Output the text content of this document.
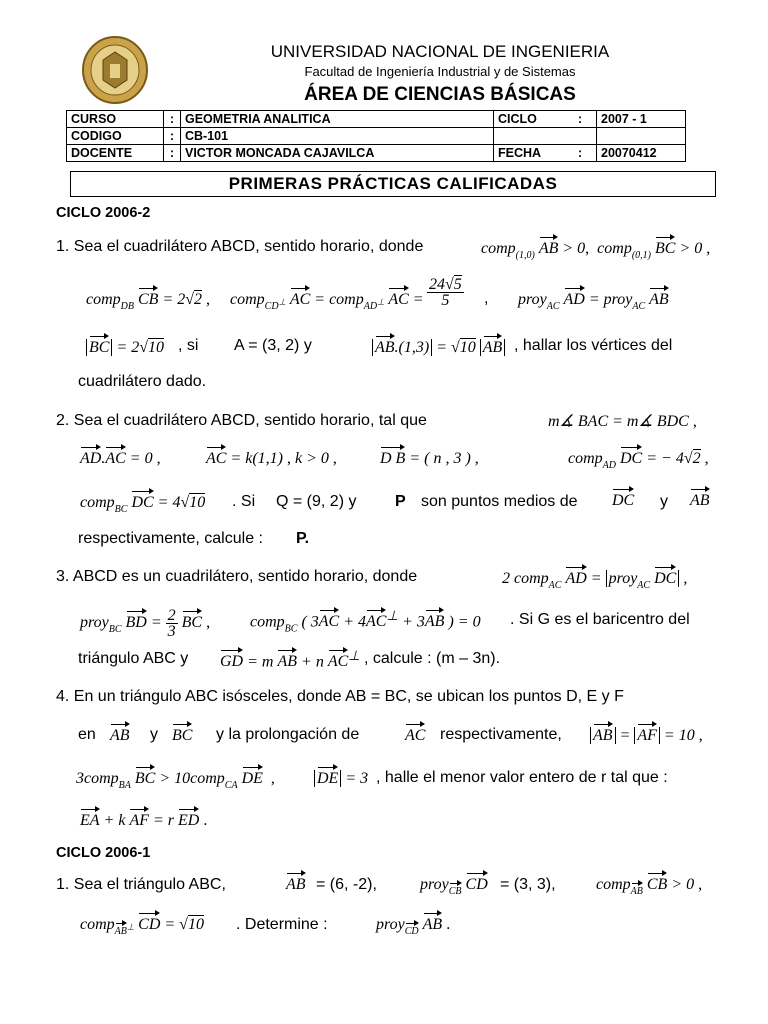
UNIVERSIDAD NACIONAL DE INGENIERIA
Facultad de Ingeniería Industrial y de Sistemas
ÁREA DE CIENCIAS BÁSICAS
CURSO	:	GEOMETRIA ANALITICA	CICLO	:	2007 - 1
CODIGO	:	CB-101			
DOCENTE	:	VICTOR MONCADA CAJAVILCA	FECHA	:	20070412
PRIMERAS PRÁCTICAS CALIFICADAS
CICLO 2006-2
1. Sea el cuadrilátero ABCD, sentido horario, donde	comp$_{(1,0)}$ AB > 0,  comp$_{(0,1)}$ BC > 0 ,
comp$_{DB}$ CB = 2√2 , comp$_{CD^\perp}$ AC = comp$_{AD^\perp}$ AC = $\frac{24√5}{5}$ , proy$_{AC}$ AD = proy$_{AC}$ AB
BC = 2√10 , si A = (3, 2) y	AB.(1,3) = √10 AB , hallar los vértices del
cuadrilátero dado.
2. Sea el cuadrilátero ABCD, sentido horario, tal que	m∡ BAC = m∡ BDC ,
AD.AC = 0 ,	AC = k(1,1) , k > 0 ,	D B = ( n , 3 ) ,	comp$_{AD}$ DC = − 4√2 ,
comp$_{BC}$ DC = 4√10 . Si Q = (9, 2) y P son puntos medios de DC y AB
respectivamente, calcule : P.
3. ABCD es un cuadrilátero, sentido horario, donde	2 comp$_{AC}$ AD = proy$_{AC}$ DC ,
proy$_{BC}$ BD = $\frac{2}{3}$ BC , comp$_{BC}$ ( 3AC + 4AC⊥ + 3AB ) = 0 . Si G es el baricentro del
triángulo ABC y GD = m AB + n AC⊥ , calcule : (m – 3n).
4. En un triángulo ABC isósceles, donde AB = BC, se ubican los puntos D, E y F
en AB y BC y la prolongación de	AC respectivamente, AB = AF = 10 ,
3comp$_{BA}$ BC > 10comp$_{CA}$ DE  ,	DE = 3 , halle el menor valor entero de r tal que :
EA + k AF = r ED .
CICLO 2006-1
1. Sea el triángulo ABC,	AB = (6, -2),	proy$_{CB}$ CD = (3, 3),	comp$_{AB}$ CB > 0 ,
comp$_{AB^\perp}$ CD = √10 . Determine :	proy$_{CD}$ AB .
